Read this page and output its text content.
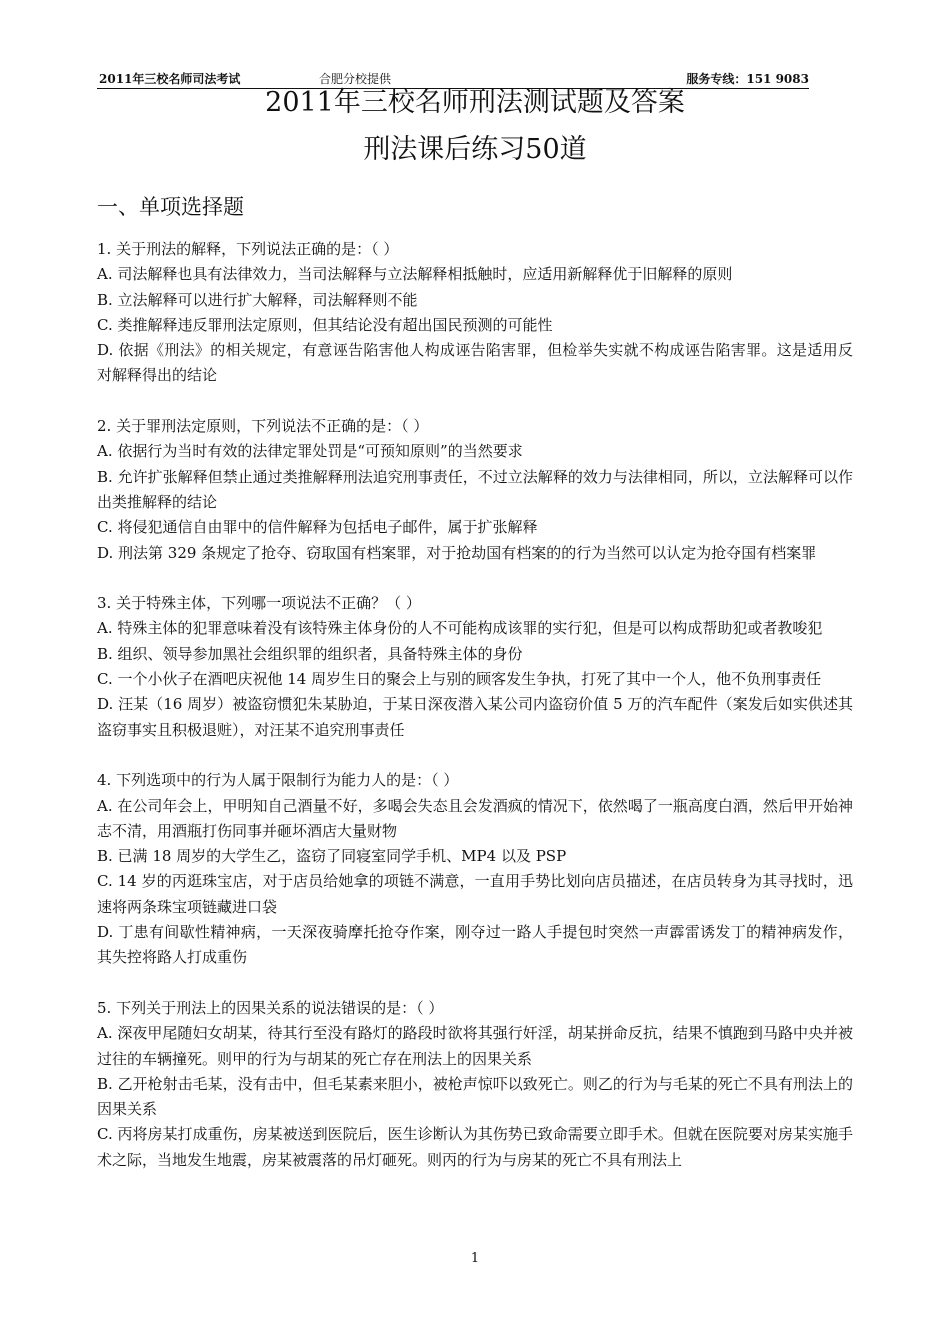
2011年三校名师司法考试	合肥分校提供	服务专线：151 9083
2011年三校名师刑法测试题及答案
刑法课后练习50道
一、单项选择题

1. 关于刑法的解释，下列说法正确的是：（ ）

A. 司法解释也具有法律效力，当司法解释与立法解释相抵触时，应适用新解释优于旧解释的原则

B. 立法解释可以进行扩大解释，司法解释则不能

C. 类推解释违反罪刑法定原则，但其结论没有超出国民预测的可能性

D. 依据《刑法》的相关规定，有意诬告陷害他人构成诬告陷害罪，但检举失实就不构成诬告陷害罪。这是适用反对解释得出的结论

2. 关于罪刑法定原则，下列说法不正确的是：（ ）

A. 依据行为当时有效的法律定罪处罚是“可预知原则”的当然要求

B. 允许扩张解释但禁止通过类推解释刑法追究刑事责任，不过立法解释的效力与法律相同，所以，立法解释可以作出类推解释的结论

C. 将侵犯通信自由罪中的信件解释为包括电子邮件，属于扩张解释

D. 刑法第 329 条规定了抢夺、窃取国有档案罪，对于抢劫国有档案的的行为当然可以认定为抢夺国有档案罪

3. 关于特殊主体，下列哪一项说法不正确？（ ）

A. 特殊主体的犯罪意味着没有该特殊主体身份的人不可能构成该罪的实行犯，但是可以构成帮助犯或者教唆犯

B. 组织、领导参加黑社会组织罪的组织者，具备特殊主体的身份

C. 一个小伙子在酒吧庆祝他 14 周岁生日的聚会上与别的顾客发生争执，打死了其中一个人，他不负刑事责任

D. 汪某（16 周岁）被盗窃惯犯朱某胁迫，于某日深夜潜入某公司内盗窃价值 5 万的汽车配件（案发后如实供述其盗窃事实且积极退赃），对汪某不追究刑事责任

4. 下列选项中的行为人属于限制行为能力人的是：（ ）

A. 在公司年会上，甲明知自己酒量不好，多喝会失态且会发酒疯的情况下，依然喝了一瓶高度白酒，然后甲开始神志不清，用酒瓶打伤同事并砸坏酒店大量财物

B. 已满 18 周岁的大学生乙，盗窃了同寝室同学手机、MP4 以及 PSP

C. 14 岁的丙逛珠宝店，对于店员给她拿的项链不满意，一直用手势比划向店员描述，在店员转身为其寻找时，迅速将两条珠宝项链藏进口袋

D. 丁患有间歇性精神病，一天深夜骑摩托抢夺作案，刚夺过一路人手提包时突然一声霹雷诱发丁的精神病发作，其失控将路人打成重伤

5. 下列关于刑法上的因果关系的说法错误的是：（ ）

A. 深夜甲尾随妇女胡某，待其行至没有路灯的路段时欲将其强行奸淫，胡某拼命反抗，结果不慎跑到马路中央并被过往的车辆撞死。则甲的行为与胡某的死亡存在刑法上的因果关系

B. 乙开枪射击毛某，没有击中，但毛某素来胆小，被枪声惊吓以致死亡。则乙的行为与毛某的死亡不具有刑法上的因果关系

C. 丙将房某打成重伤，房某被送到医院后，医生诊断认为其伤势已致命需要立即手术。但就在医院要对房某实施手术之际，当地发生地震，房某被震落的吊灯砸死。则丙的行为与房某的死亡不具有刑法上

1
